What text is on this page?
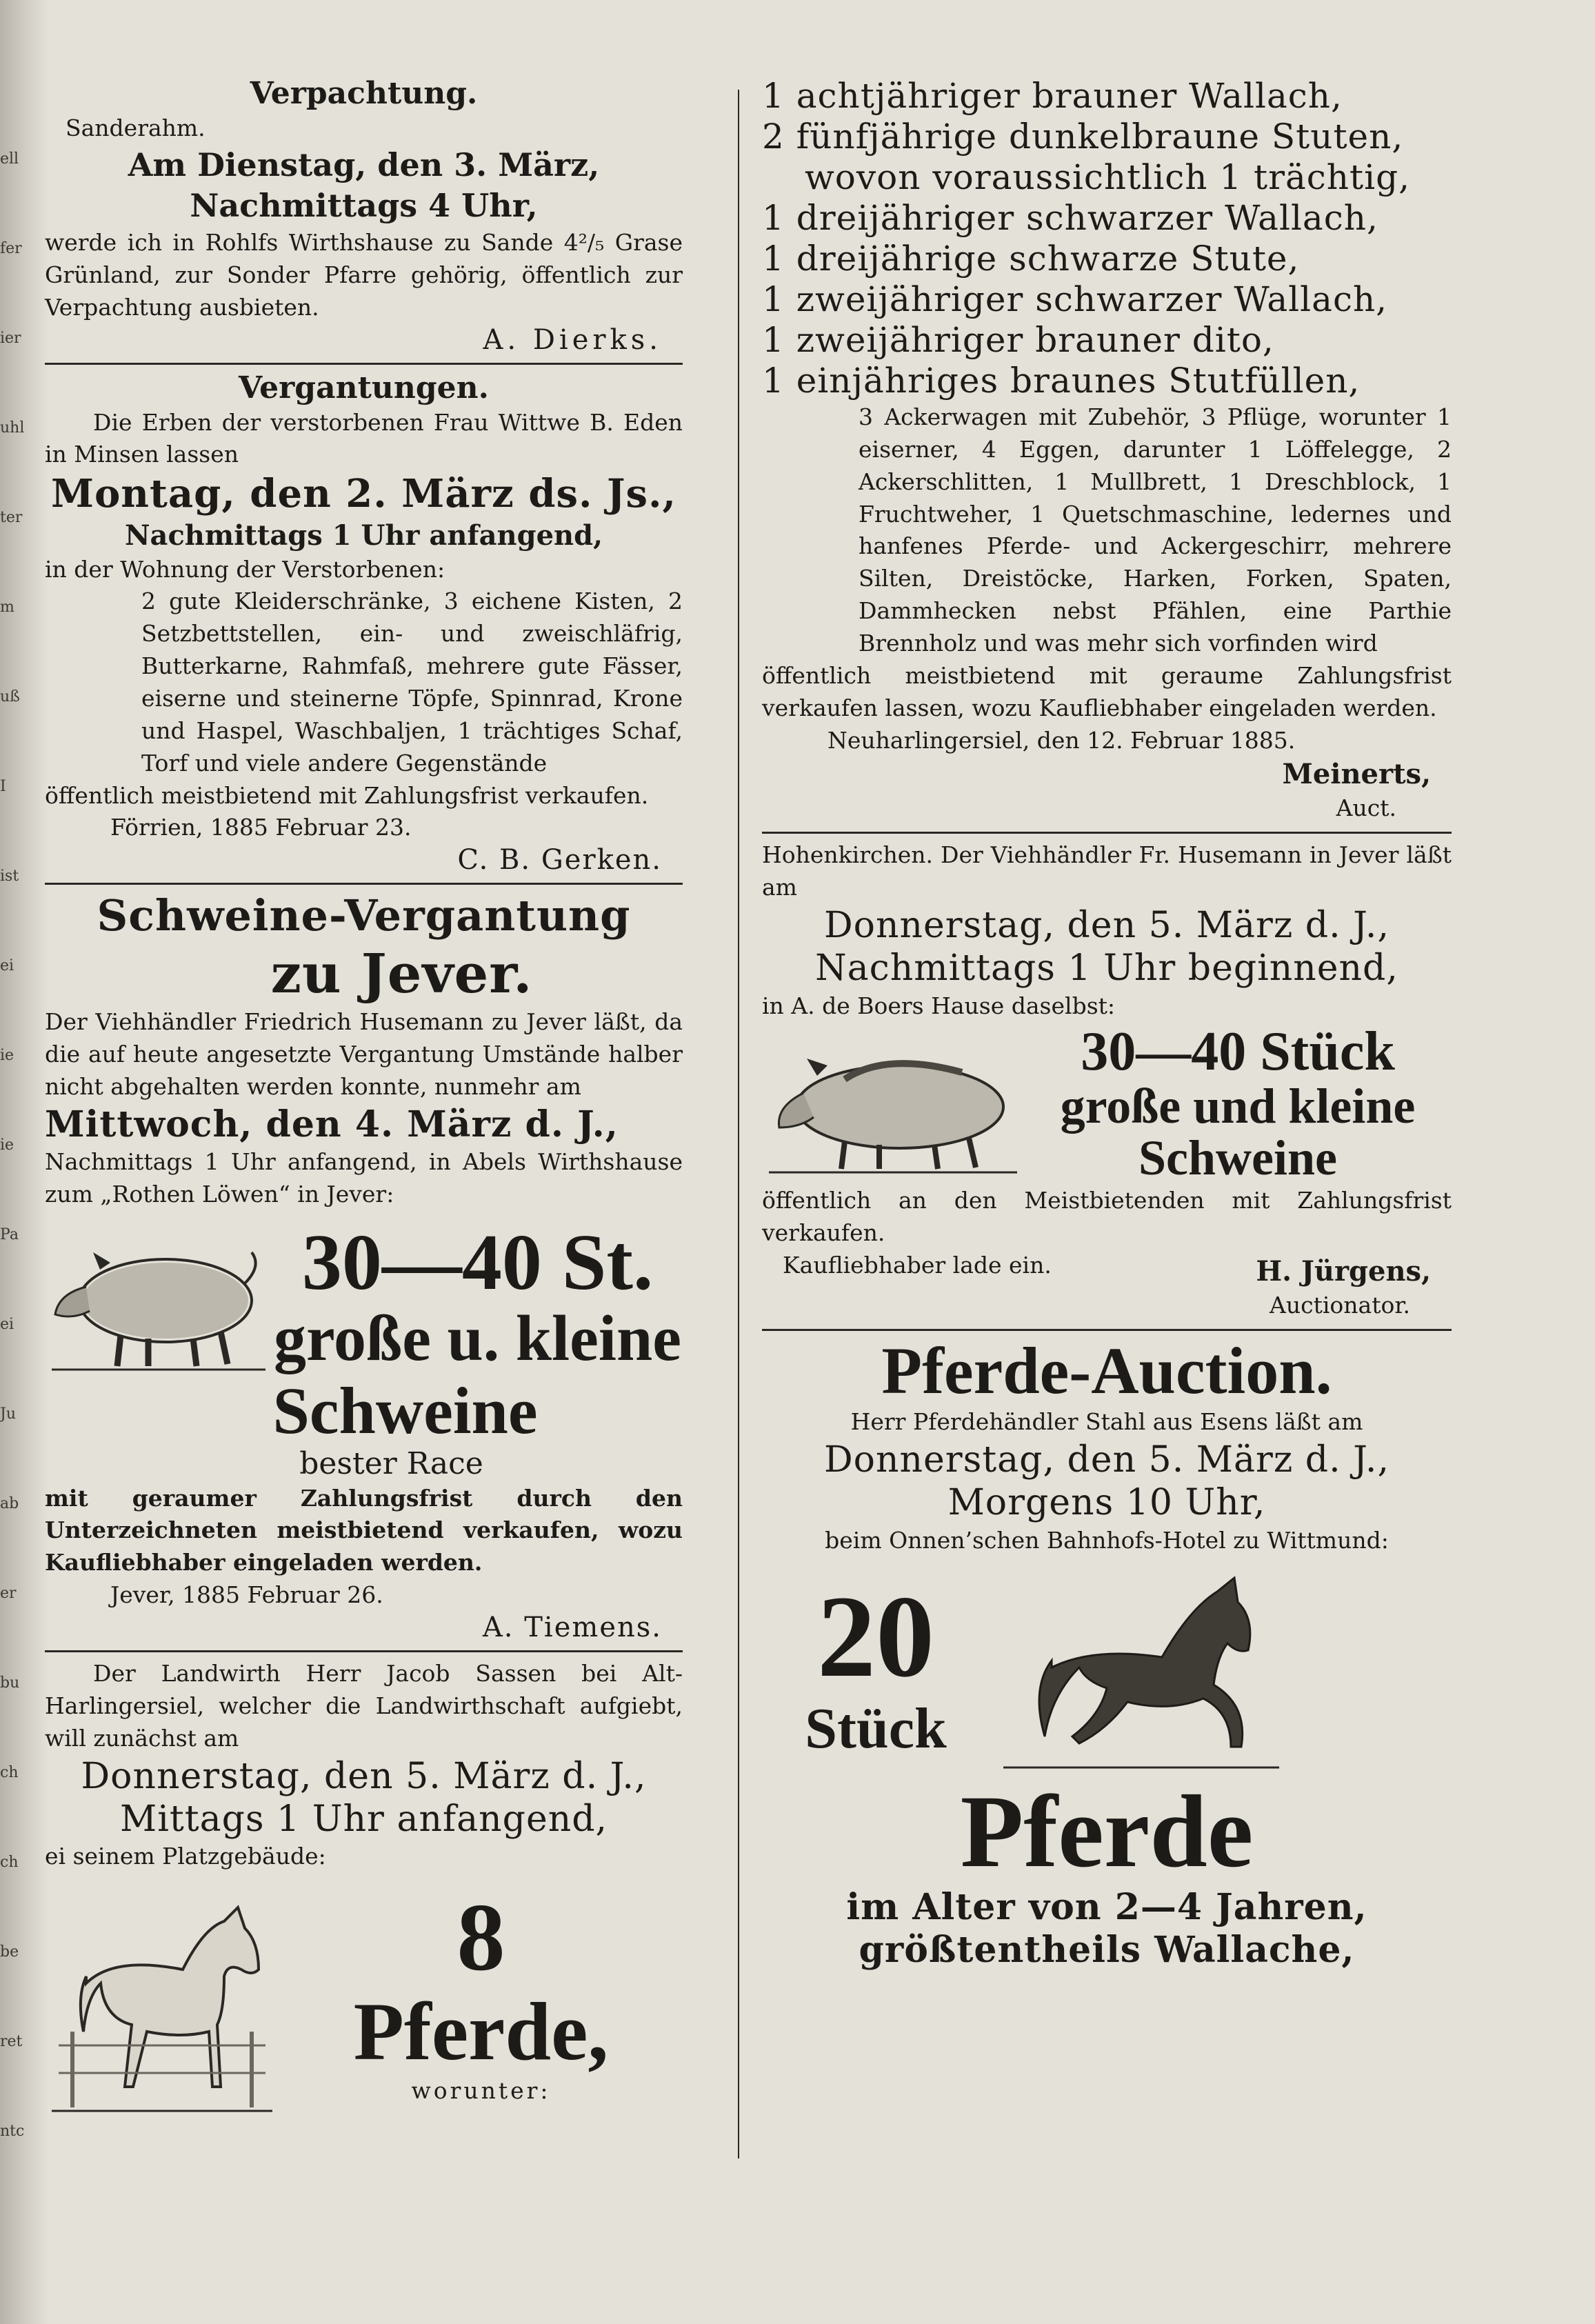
ell
fer
ier
uhl
ter
m
uß
I
ist
ei
ie
ie
Pa
ei
Ju
ab
er
bu
ch
ch
be
ret
ntc

Verpachtung.

Sanderahm.

Am Dienstag, den 3. März,

Nachmittags 4 Uhr,

werde ich in Rohlfs Wirthshause zu Sande 4²/₅ Grase Grünland, zur Sonder Pfarre gehörig, öffentlich zur Verpachtung ausbieten.

A. Dierks.

Vergantungen.

Die Erben der verstorbenen Frau Wittwe B. Eden in Minsen lassen

Montag, den 2. März ds. Js.,

Nachmittags 1 Uhr anfangend,

in der Wohnung der Verstorbenen:

2 gute Kleiderschränke, 3 eichene Kisten, 2 Setzbettstellen, ein- und zweischläfrig, Butterkarne, Rahmfaß, mehrere gute Fässer, eiserne und steinerne Töpfe, Spinnrad, Krone und Haspel, Waschbaljen, 1 trächtiges Schaf, Torf und viele andere Gegenstände

öffentlich meistbietend mit Zahlungsfrist verkaufen.

Förrien, 1885 Februar 23.

C. B. Gerken.

Schweine-Vergantung

zu Jever.

Der Viehhändler Friedrich Husemann zu Jever läßt, da die auf heute angesetzte Vergantung Umstände halber nicht abgehalten werden konnte, nunmehr am

Mittwoch, den 4. März d. J.,

Nachmittags 1 Uhr anfangend, in Abels Wirthshause zum „Rothen Löwen“ in Jever:

30—40 St.

große u. kleine

Schweine

bester Race

mit geraumer Zahlungsfrist durch den Unterzeichneten meistbietend verkaufen, wozu Kaufliebhaber eingeladen werden.

Jever, 1885 Februar 26.

A. Tiemens.

Der Landwirth Herr Jacob Sassen bei Alt-Harlingersiel, welcher die Landwirthschaft aufgiebt, will zunächst am

Donnerstag, den 5. März d. J.,

Mittags 1 Uhr anfangend,

ei seinem Platzgebäude:

8

Pferde,

worunter:

1 achtjähriger brauner Wallach,

2 fünfjährige dunkelbraune Stuten,

wovon voraussichtlich 1 trächtig,

1 dreijähriger schwarzer Wallach,

1 dreijährige schwarze Stute,

1 zweijähriger schwarzer Wallach,

1 zweijähriger brauner dito,

1 einjähriges braunes Stutfüllen,

3 Ackerwagen mit Zubehör, 3 Pflüge, worunter 1 eiserner, 4 Eggen, darunter 1 Löffelegge, 2 Ackerschlitten, 1 Mullbrett, 1 Dreschblock, 1 Fruchtweher, 1 Quetschmaschine, ledernes und hanfenes Pferde- und Ackergeschirr, mehrere Silten, Dreistöcke, Harken, Forken, Spaten, Dammhecken nebst Pfählen, eine Parthie Brennholz und was mehr sich vorfinden wird

öffentlich meistbietend mit geraume Zahlungsfrist verkaufen lassen, wozu Kaufliebhaber eingeladen werden.

Neuharlingersiel, den 12. Februar 1885.

Meinerts,

Auct.

Hohenkirchen. Der Viehhändler Fr. Husemann in Jever läßt am

Donnerstag, den 5. März d. J.,

Nachmittags 1 Uhr beginnend,

in A. de Boers Hause daselbst:

30—40 Stück

große und kleine

Schweine

öffentlich an den Meistbietenden mit Zahlungsfrist verkaufen.

Kaufliebhaber lade ein.	H. Jürgens,

Auctionator.

Pferde-Auction.

Herr Pferdehändler Stahl aus Esens läßt am

Donnerstag, den 5. März d. J.,

Morgens 10 Uhr,

beim Onnen’schen Bahnhofs-Hotel zu Wittmund:

20

Stück

Pferde

im Alter von 2—4 Jahren,

größtentheils Wallache,
